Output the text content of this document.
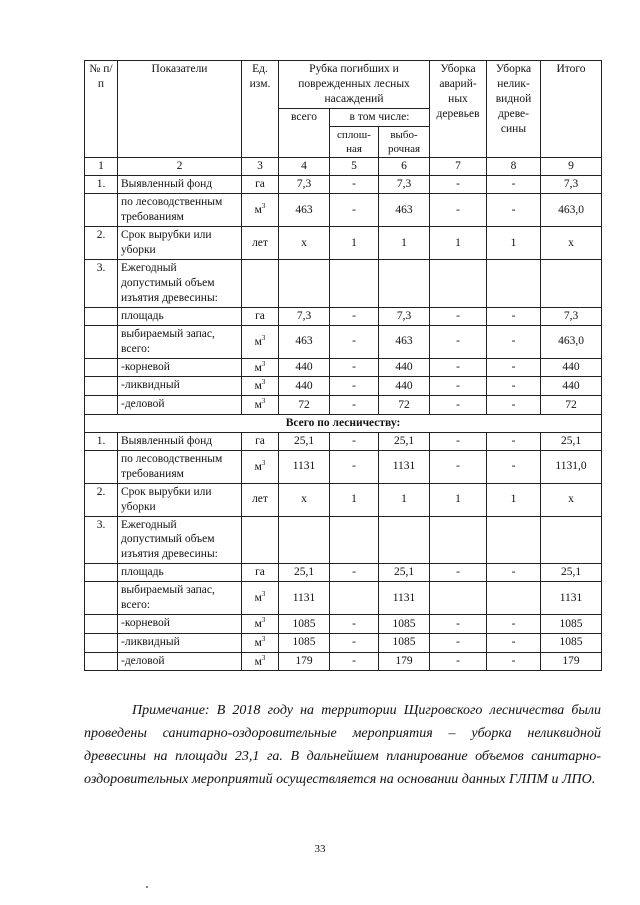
№ п/п	Показатели	Ед. изм.	Рубка погибших и поврежденных лесных насаждений			Уборка аварий-ных деревьев	Уборка нелик-видной древе-сины	Итого
			всего	в том числе:				
				сплош-ная	выбо-рочная			
1	2	3	4	5	6	7	8	9
1.	Выявленный фонд	га	7,3	-	7,3	-	-	7,3
	по лесоводственным требованиям	$м^3$	463	-	463	-	-	463,0
2.	Срок вырубки или уборки	лет	х	1	1	1	1	х
3.	Ежегодный допустимый объем изъятия древесины:							
	площадь	га	7,3	-	7,3	-	-	7,3
	выбираемый запас, всего:	$м^3$	463	-	463	-	-	463,0
	-корневой	$м^3$	440	-	440	-	-	440
	-ликвидный	$м^3$	440	-	440	-	-	440
	-деловой	$м^3$	72	-	72	-	-	72
Всего по лесничеству:								
1.	Выявленный фонд	га	25,1	-	25,1	-	-	25,1
	по лесоводственным требованиям	$м^3$	1131	-	1131	-	-	1131,0
2.	Срок вырубки или уборки	лет	х	1	1	1	1	х
3.	Ежегодный допустимый объем изъятия древесины:							
	площадь	га	25,1	-	25,1	-	-	25,1
	выбираемый запас, всего:	$м^3$	1131		1131			1131
	-корневой	$м^3$	1085	-	1085	-	-	1085
	-ликвидный	$м^3$	1085	-	1085	-	-	1085
	-деловой	$м^3$	179	-	179	-	-	179

Примечание: В 2018 году на территории Щигровского лесничества были проведены санитарно-оздоровительные мероприятия – уборка неликвидной древесины на площади 23,1 га. В дальнейшем планирование объемов санитарно-оздоровительных мероприятий осуществляется на основании данных ГЛПМ и ЛПО.

33
